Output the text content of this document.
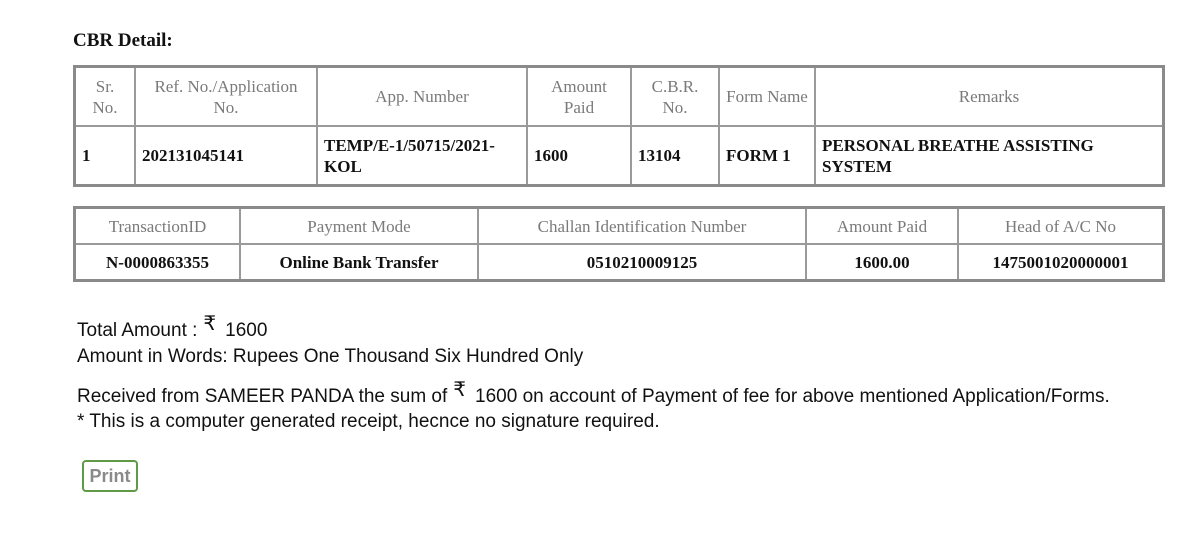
CBR Detail:
Sr. No.	Ref. No./Application No.	App. Number	Amount Paid	C.B.R. No.	Form Name	Remarks
1	202131045141	TEMP/E-1/50715/2021-KOL	1600	13104	FORM 1	PERSONAL BREATHE ASSISTING SYSTEM
TransactionID	Payment Mode	Challan Identification Number	Amount Paid	Head of A/C No
N-0000863355	Online Bank Transfer	0510210009125	1600.00	1475001020000001
Total Amount : ₹ 1600
Amount in Words: Rupees One Thousand Six Hundred Only
Received from SAMEER PANDA the sum of ₹ 1600 on account of Payment of fee for above mentioned Application/Forms.
* This is a computer generated receipt, hecnce no signature required.
Print
